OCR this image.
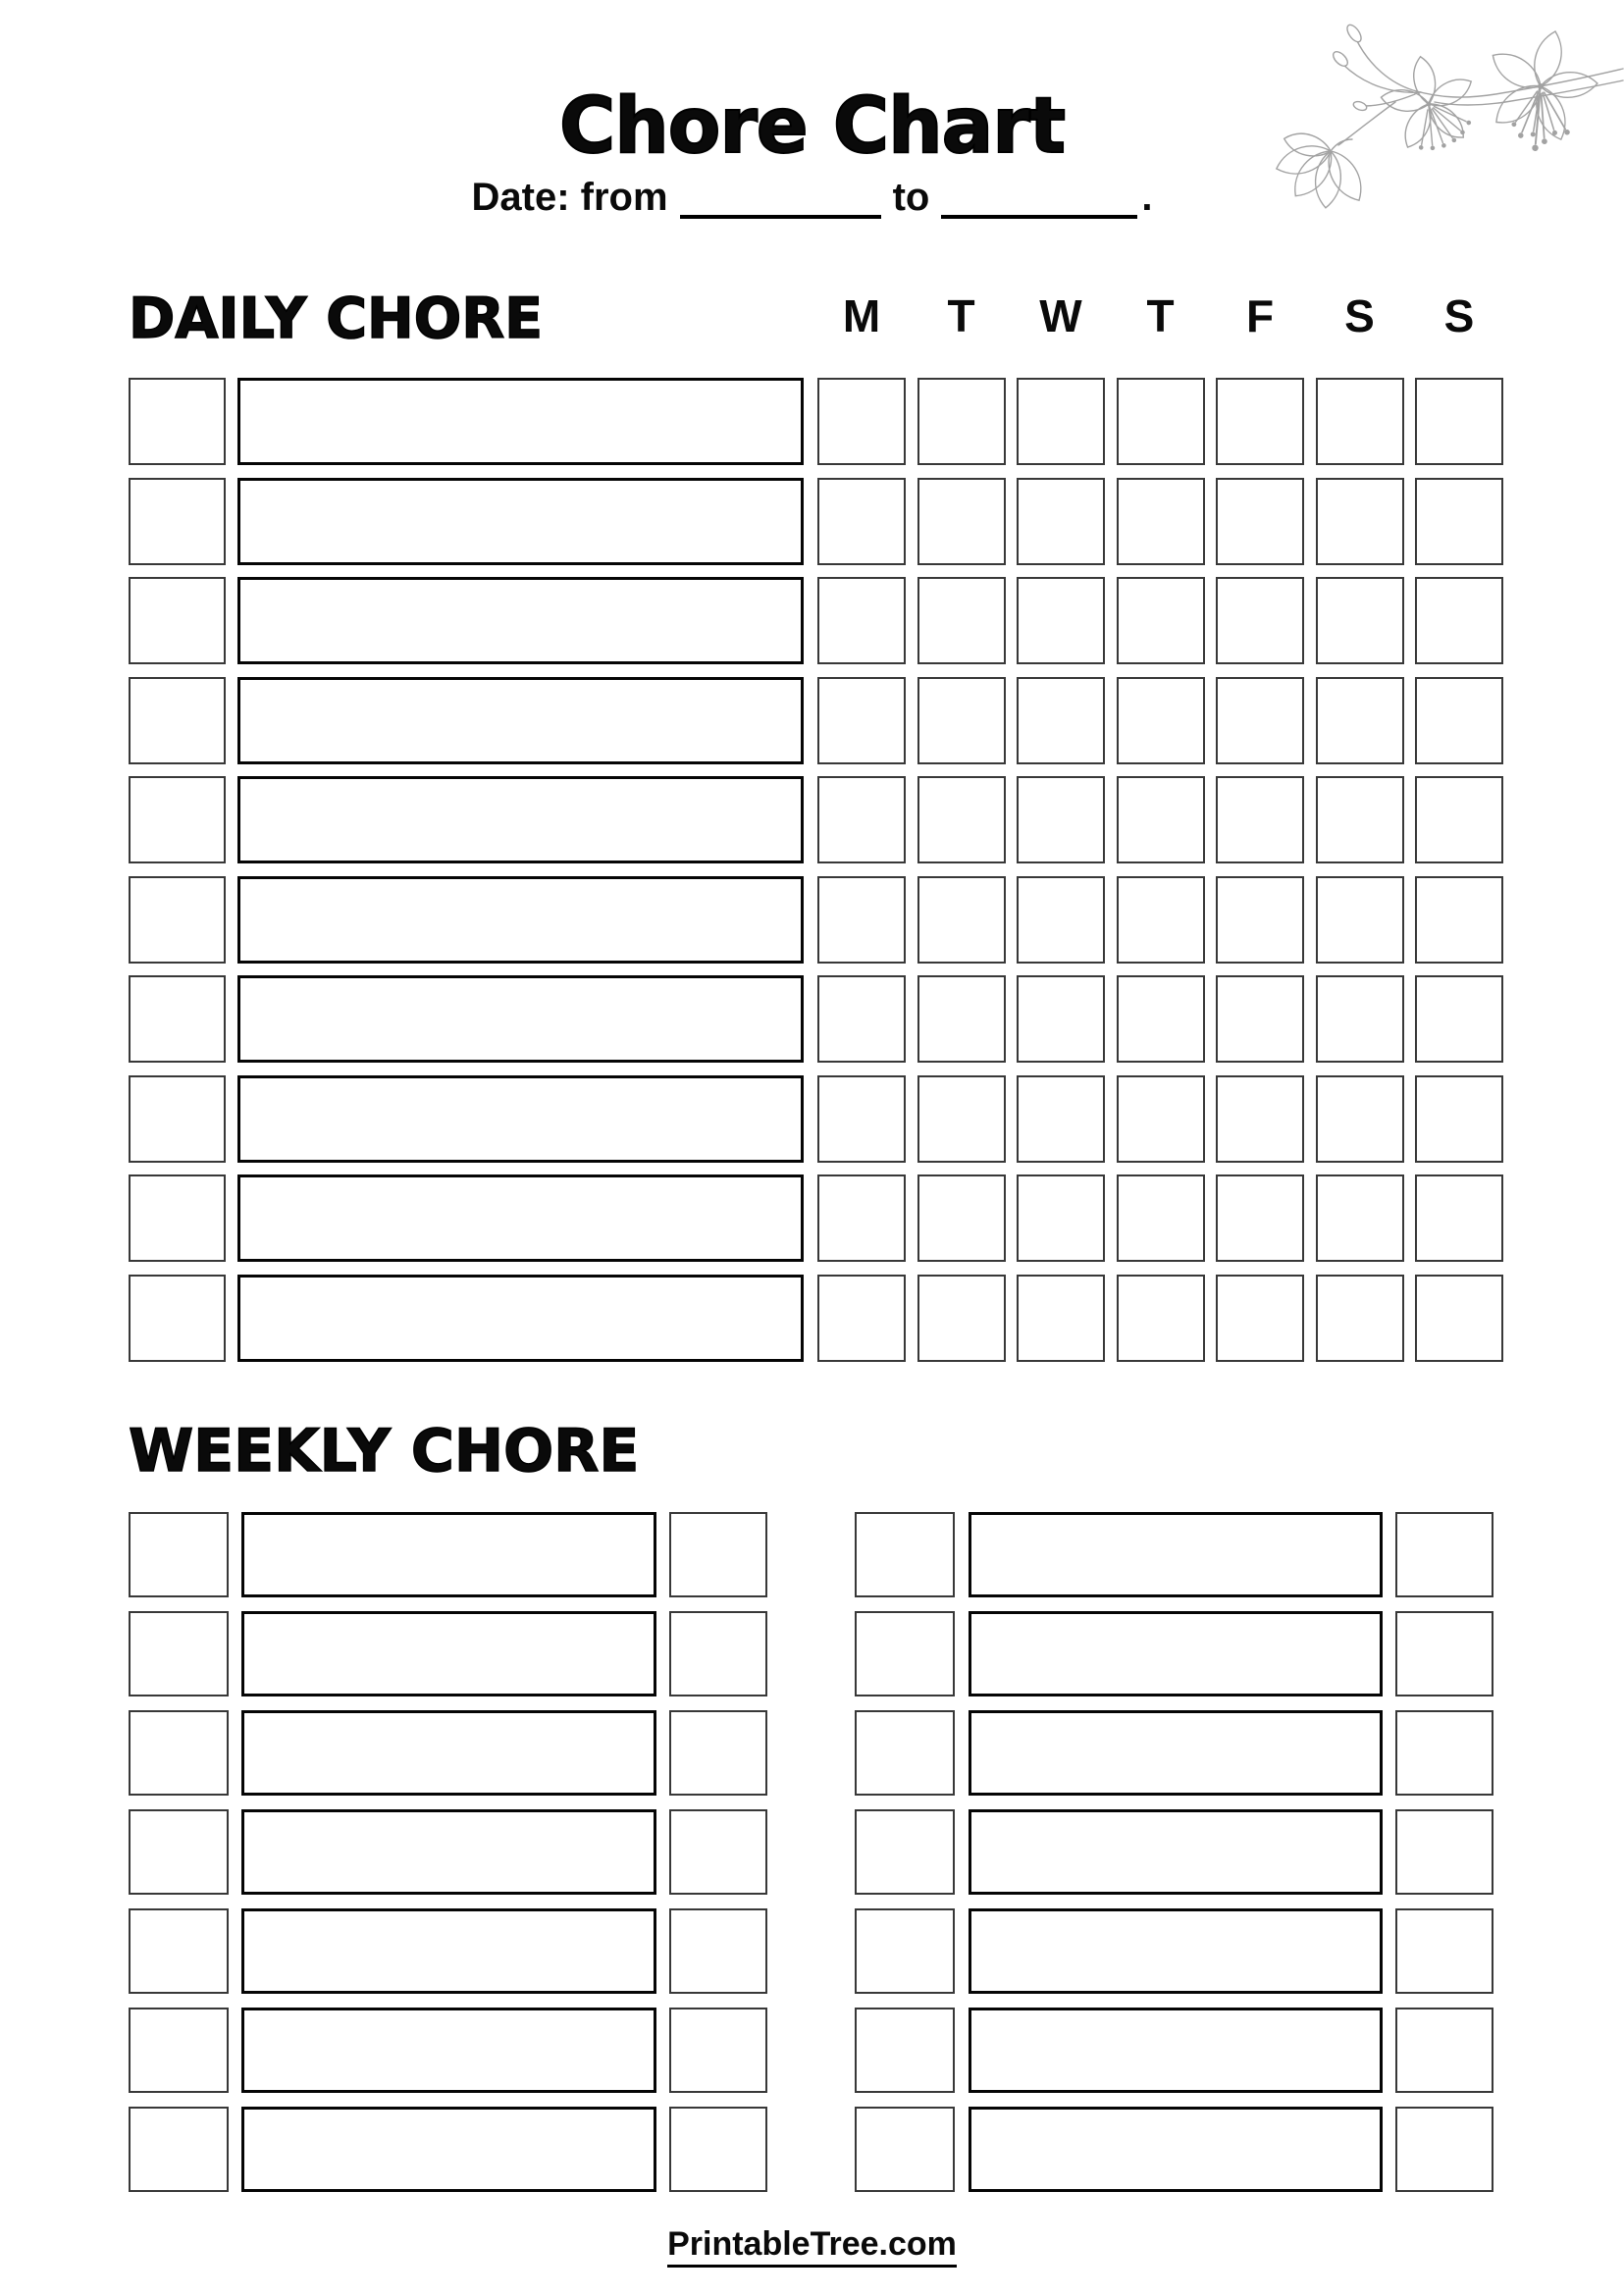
Chore Chart
Date: from	to	.
DAILY CHORE	M	T	W	T	F	S	S
WEEKLY CHORE
PrintableTree.com
